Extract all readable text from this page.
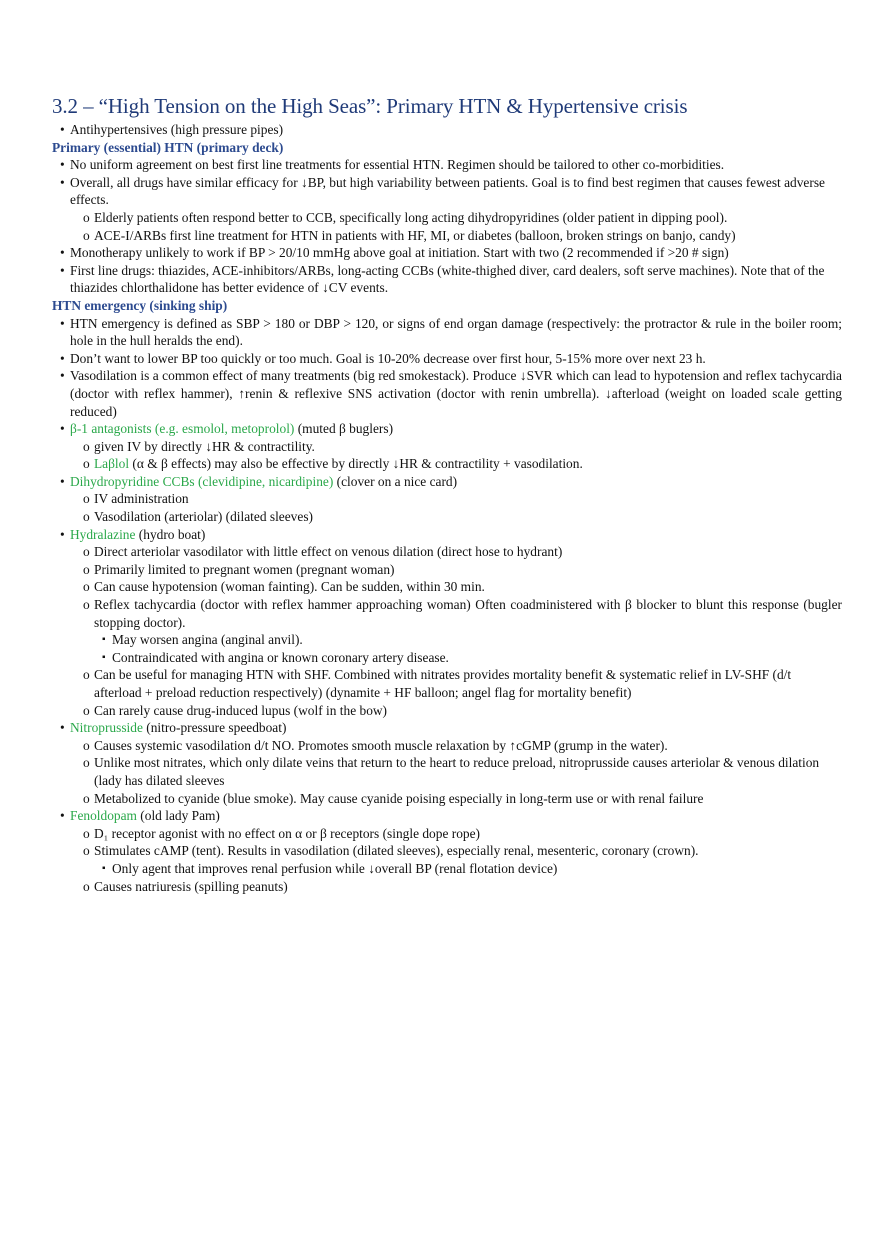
3.2 – “High Tension on the High Seas”: Primary HTN & Hypertensive crisis

• Antihypertensives (high pressure pipes)

Primary (essential) HTN (primary deck)

• No uniform agreement on best first line treatments for essential HTN. Regimen should be tailored to other co-morbidities.

• Overall, all drugs have similar efficacy for ↓BP, but high variability between patients. Goal is to find best regimen that causes fewest adverse effects.

o Elderly patients often respond better to CCB, specifically long acting dihydropyridines (older patient in dipping pool).

o ACE-I/ARBs first line treatment for HTN in patients with HF, MI, or diabetes (balloon, broken strings on banjo, candy)

• Monotherapy unlikely to work if BP > 20/10 mmHg above goal at initiation. Start with two (2 recommended if >20 # sign)

• First line drugs: thiazides, ACE-inhibitors/ARBs, long-acting CCBs (white-thighed diver, card dealers, soft serve machines). Note that of the thiazides chlorthalidone has better evidence of ↓CV events.

HTN emergency (sinking ship)

• HTN emergency is defined as SBP > 180 or DBP > 120, or signs of end organ damage (respectively: the protractor & rule in the boiler room; hole in the hull heralds the end).

• Don’t want to lower BP too quickly or too much. Goal is 10-20% decrease over first hour, 5-15% more over next 23 h.

• Vasodilation is a common effect of many treatments (big red smokestack). Produce ↓SVR which can lead to hypotension and reflex tachycardia (doctor with reflex hammer), ↑renin & reflexive SNS activation (doctor with renin umbrella). ↓afterload (weight on loaded scale getting reduced)

• β-1 antagonists (e.g. esmolol, metoprolol) (muted β buglers)

o given IV by directly ↓HR & contractility.

o Laβlol (α & β effects) may also be effective by directly ↓HR & contractility + vasodilation.

• Dihydropyridine CCBs (clevidipine, nicardipine) (clover on a nice card)

o IV administration

o Vasodilation (arteriolar) (dilated sleeves)

• Hydralazine (hydro boat)

o Direct arteriolar vasodilator with little effect on venous dilation (direct hose to hydrant)

o Primarily limited to pregnant women (pregnant woman)

o Can cause hypotension (woman fainting). Can be sudden, within 30 min.

o Reflex tachycardia (doctor with reflex hammer approaching woman) Often coadministered with β blocker to blunt this response (bugler stopping doctor).

▪ May worsen angina (anginal anvil).

▪ Contraindicated with angina or known coronary artery disease.

o Can be useful for managing HTN with SHF. Combined with nitrates provides mortality benefit & systematic relief in LV-SHF (d/t afterload + preload reduction respectively) (dynamite + HF balloon; angel flag for mortality benefit)

o Can rarely cause drug-induced lupus (wolf in the bow)

• Nitroprusside (nitro-pressure speedboat)

o Causes systemic vasodilation d/t NO. Promotes smooth muscle relaxation by ↑cGMP (grump in the water).

o Unlike most nitrates, which only dilate veins that return to the heart to reduce preload, nitroprusside causes arteriolar & venous dilation (lady has dilated sleeves

o Metabolized to cyanide (blue smoke). May cause cyanide poising especially in long-term use or with renal failure

• Fenoldopam (old lady Pam)

o D₁ receptor agonist with no effect on α or β receptors (single dope rope)

o Stimulates cAMP (tent). Results in vasodilation (dilated sleeves), especially renal, mesenteric, coronary (crown).

▪ Only agent that improves renal perfusion while ↓overall BP (renal flotation device)

o Causes natriuresis (spilling peanuts)
